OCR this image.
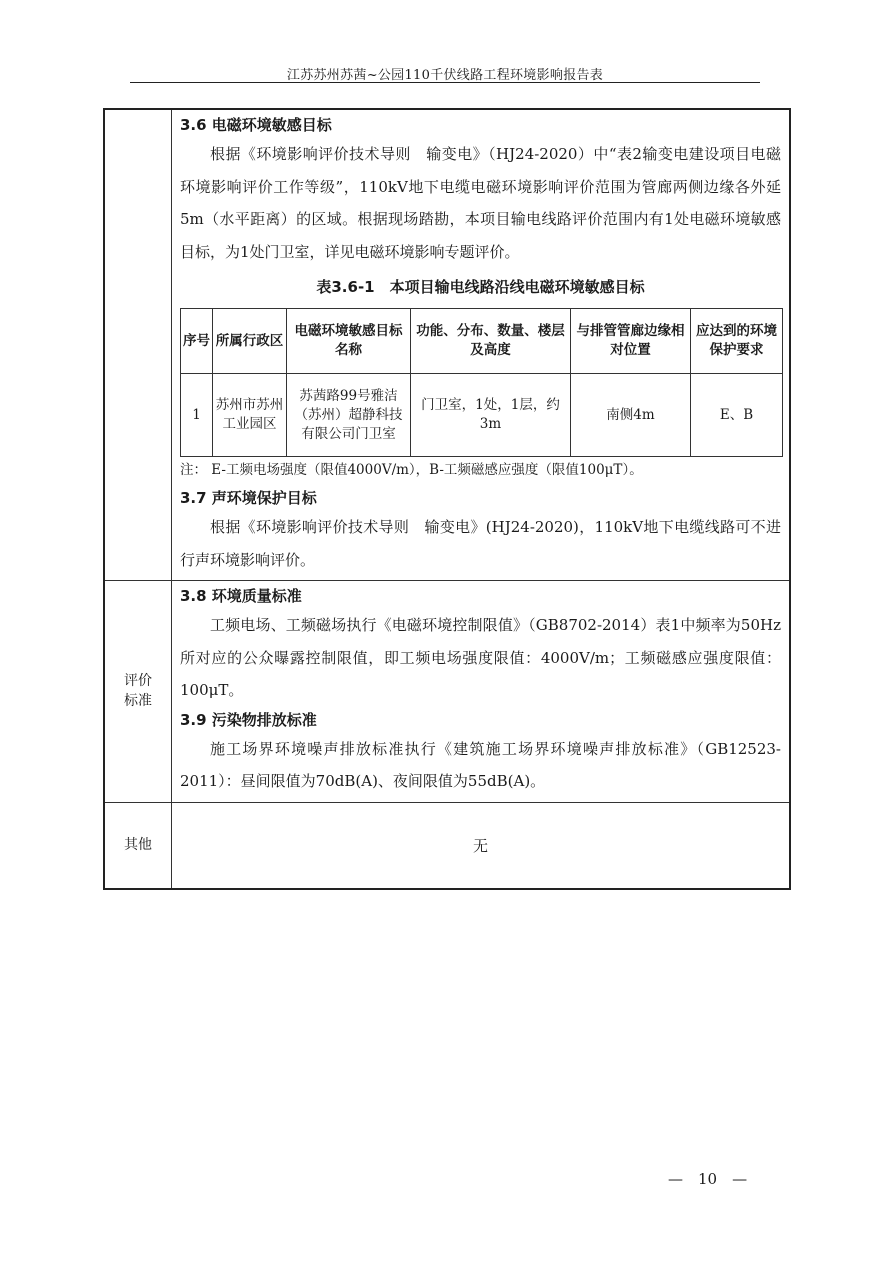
江苏苏州苏茜~公园110千伏线路工程环境影响报告表

3.6 电磁环境敏感目标

根据《环境影响评价技术导则　输变电》（HJ24-2020）中“表2输变电建设项目电磁环境影响评价工作等级”，110kV地下电缆电磁环境影响评价范围为管廊两侧边缘各外延5m（水平距离）的区域。根据现场踏勘，本项目输电线路评价范围内有1处电磁环境敏感目标，为1处门卫室，详见电磁环境影响专题评价。

表3.6-1　本项目输电线路沿线电磁环境敏感目标

序号	所属行政区	电磁环境敏感目标名称	功能、分布、数量、楼层及高度	与排管管廊边缘相对位置	应达到的环境保护要求
1	苏州市苏州工业园区	苏茜路99号雅洁（苏州）超静科技有限公司门卫室	门卫室，1处，1层，约3m	南侧4m	E、B

注： E-工频电场强度（限值4000V/m），B-工频磁感应强度（限值100μT）。

3.7 声环境保护目标

根据《环境影响评价技术导则　输变电》(HJ24-2020)，110kV地下电缆线路可不进行声环境影响评价。

评价
标准	

3.8 环境质量标准

工频电场、工频磁场执行《电磁环境控制限值》（GB8702-2014）表1中频率为50Hz所对应的公众曝露控制限值，即工频电场强度限值：4000V/m；工频磁感应强度限值：100μT。

3.9 污染物排放标准

施工场界环境噪声排放标准执行《建筑施工场界环境噪声排放标准》（GB12523-2011）：昼间限值为70dB(A)、夜间限值为55dB(A)。

其他	无
—　10　—
